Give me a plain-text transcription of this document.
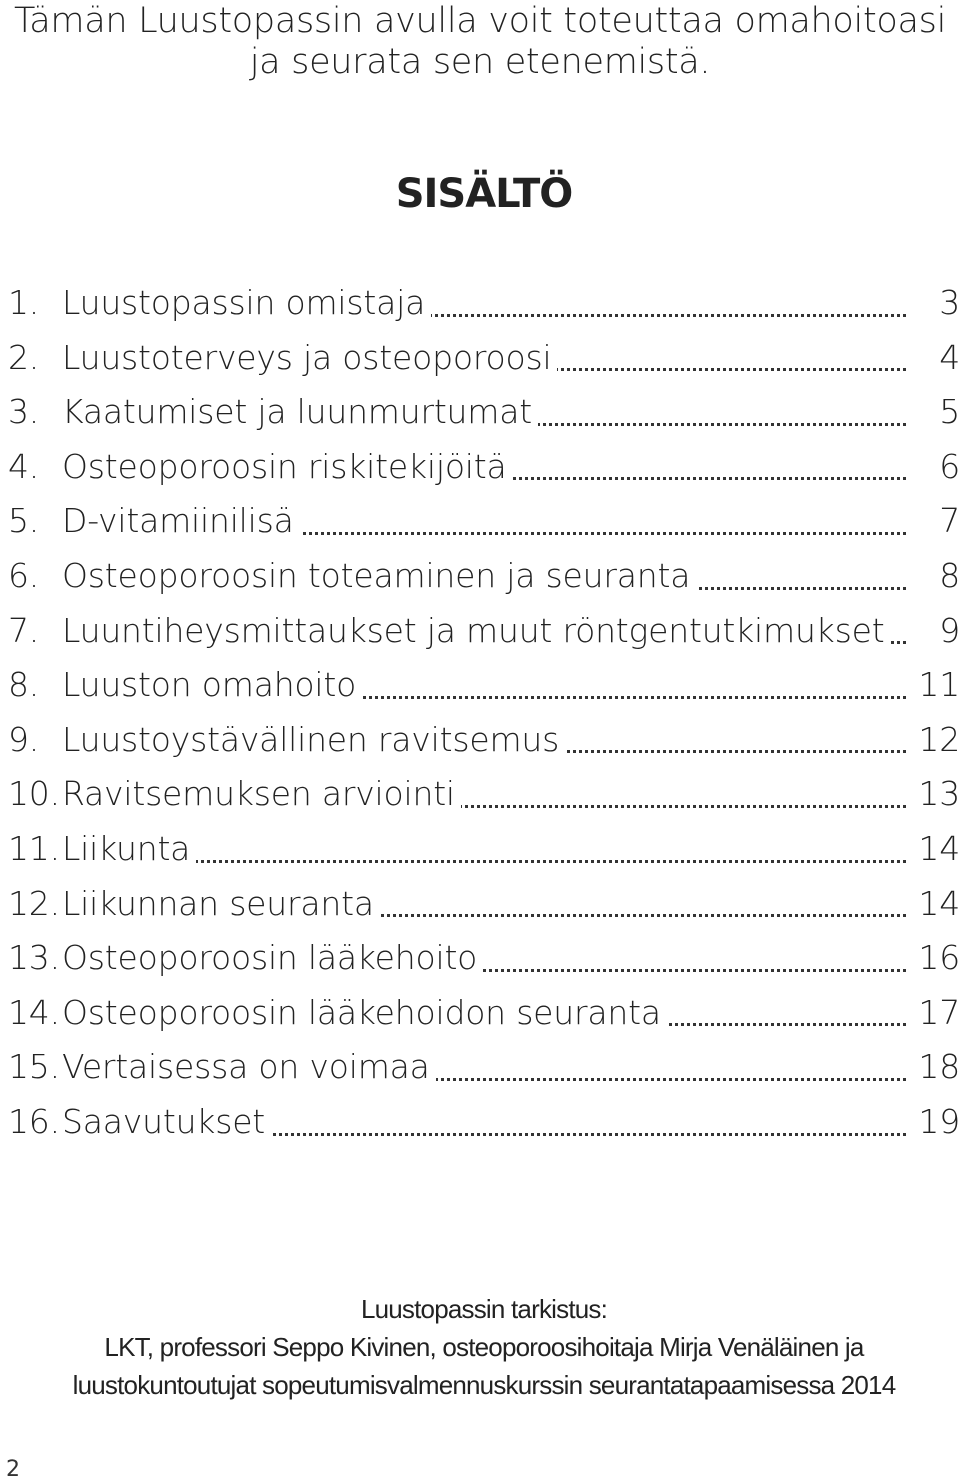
Tämän Luustopassin avulla voit toteuttaa omahoitoasi
ja seurata sen etenemistä.
SISÄLTÖ
1. Luustopassin omistaja	3
2. Luustoterveys ja osteoporoosi	4
3. Kaatumiset ja luunmurtumat	5
4. Osteoporoosin riskitekijöitä	6
5. D-vitamiinilisä	7
6. Osteoporoosin toteaminen ja seuranta	8
7. Luuntiheysmittaukset ja muut röntgentutkimukset	9
8. Luuston omahoito	11
9. Luustoystävällinen ravitsemus	12
10. Ravitsemuksen arviointi	13
11. Liikunta	14
12. Liikunnan seuranta	14
13. Osteoporoosin lääkehoito	16
14. Osteoporoosin lääkehoidon seuranta	17
15. Vertaisessa on voimaa	18
16. Saavutukset	19
Luustopassin tarkistus:
LKT, professori Seppo Kivinen, osteoporoosihoitaja Mirja Venäläinen ja
luustokuntoutujat sopeutumisvalmennuskurssin seurantatapaamisessa 2014
2
